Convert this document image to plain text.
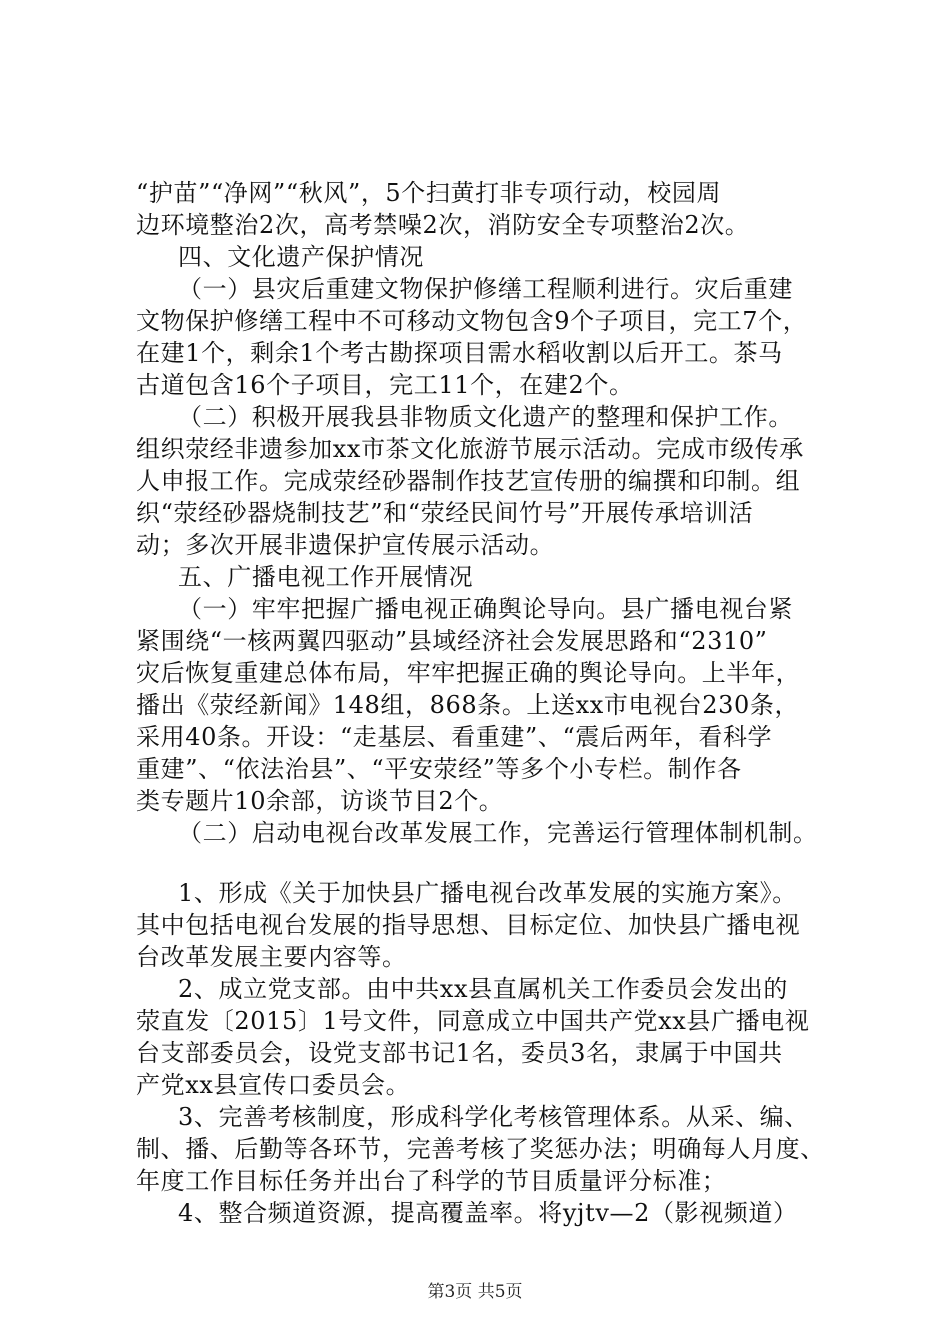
“护苗”“净网”“秋风”，5个扫黄打非专项行动，校园周
边环境整治2次，高考禁噪2次，消防安全专项整治2次。
四、文化遗产保护情况
（一）县灾后重建文物保护修缮工程顺利进行。灾后重建
文物保护修缮工程中不可移动文物包含9个子项目，完工7个，
在建1个，剩余1个考古勘探项目需水稻收割以后开工。茶马
古道包含16个子项目，完工11个，在建2个。
（二）积极开展我县非物质文化遗产的整理和保护工作。
组织荥经非遗参加xx市茶文化旅游节展示活动。完成市级传承
人申报工作。完成荥经砂器制作技艺宣传册的编撰和印制。组
织“荥经砂器烧制技艺”和“荥经民间竹号”开展传承培训活
动；多次开展非遗保护宣传展示活动。
五、广播电视工作开展情况
（一）牢牢把握广播电视正确舆论导向。县广播电视台紧
紧围绕“一核两翼四驱动”县域经济社会发展思路和“2310”
灾后恢复重建总体布局，牢牢把握正确的舆论导向。上半年，
播出《荥经新闻》148组，868条。上送xx市电视台230条，
采用40条。开设：“走基层、看重建”、“震后两年，看科学
重建”、“依法治县”、“平安荥经”等多个小专栏。制作各
类专题片10余部，访谈节目2个。
（二）启动电视台改革发展工作，完善运行管理体制机制。
1、形成《关于加快县广播电视台改革发展的实施方案》。
其中包括电视台发展的指导思想、目标定位、加快县广播电视
台改革发展主要内容等。
2、成立党支部。由中共xx县直属机关工作委员会发出的
荥直发〔2015〕1号文件，同意成立中国共产党xx县广播电视
台支部委员会，设党支部书记1名，委员3名，隶属于中国共
产党xx县宣传口委员会。
3、完善考核制度，形成科学化考核管理体系。从采、编、
制、播、后勤等各环节，完善考核了奖惩办法；明确每人月度、
年度工作目标任务并出台了科学的节目质量评分标准；
4、整合频道资源，提高覆盖率。将yjtv—2（影视频道）
第3页 共5页
